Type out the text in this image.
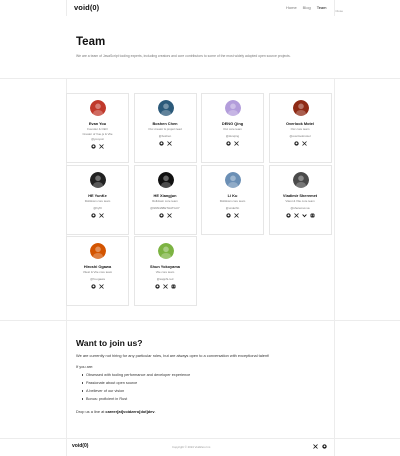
void(0)	Home Blog Team
Close
Team

We are a team of JavaScript tooling experts, including creators and core contributors to some of the most widely adopted open source projects.

Evan You
Founder & CEO
Creator of Vue.js & Vite
@youyuxi
Boshen Chen
Oxc creator & project lead
@boshen
DENG Qing
Oxc core team
@dunqing
Overlook Motel
Oxc core team
@overlookmotel
HE YunKe
Rolldown core team
@hyf0
HE Xiangjun
Rolldown core team
@IWANABETHATGUY
Li Ku
Rolldown core team
@underfin
Vladimir Sheremet
Vitest & Vite core team
@sheremet-va
Hiroshi Ogawa
Vitest & Vite core team
@hi-ogawa
Shun Yokoyama
Vite core team
@sapphi-red
Want to join us?
We are currently not hiring for any particular roles, but are always open to a conversation with exceptional talent!
If you are:
Obsessed with tooling performance and developer experience
Passionate about open source
A believer of our vision
Bonus: proficient in Rust
Drop us a line at career[at]voidzero[dot]dev.
void(0)	Copyright © 2024 VoidZero Inc.
